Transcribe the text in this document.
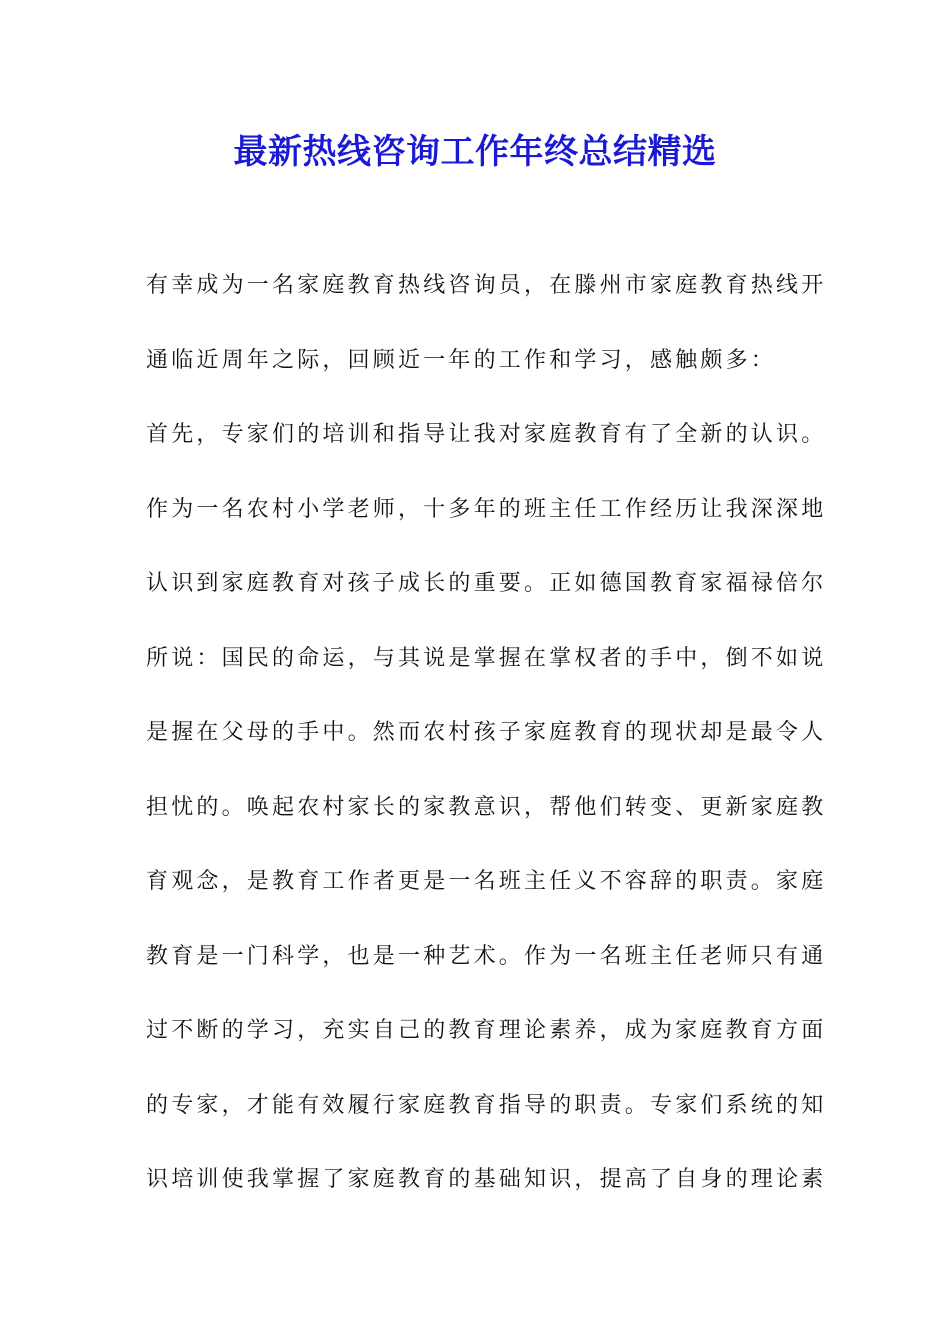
最新热线咨询工作年终总结精选
有幸成为一名家庭教育热线咨询员，在滕州市家庭教育热线开
通临近周年之际，回顾近一年的工作和学习，感触颇多：
首先，专家们的培训和指导让我对家庭教育有了全新的认识。
作为一名农村小学老师，十多年的班主任工作经历让我深深地
认识到家庭教育对孩子成长的重要。正如德国教育家福禄倍尔
所说：国民的命运，与其说是掌握在掌权者的手中，倒不如说
是握在父母的手中。然而农村孩子家庭教育的现状却是最令人
担忧的。唤起农村家长的家教意识，帮他们转变、更新家庭教
育观念，是教育工作者更是一名班主任义不容辞的职责。家庭
教育是一门科学，也是一种艺术。作为一名班主任老师只有通
过不断的学习，充实自己的教育理论素养，成为家庭教育方面
的专家，才能有效履行家庭教育指导的职责。专家们系统的知
识培训使我掌握了家庭教育的基础知识，提高了自身的理论素
